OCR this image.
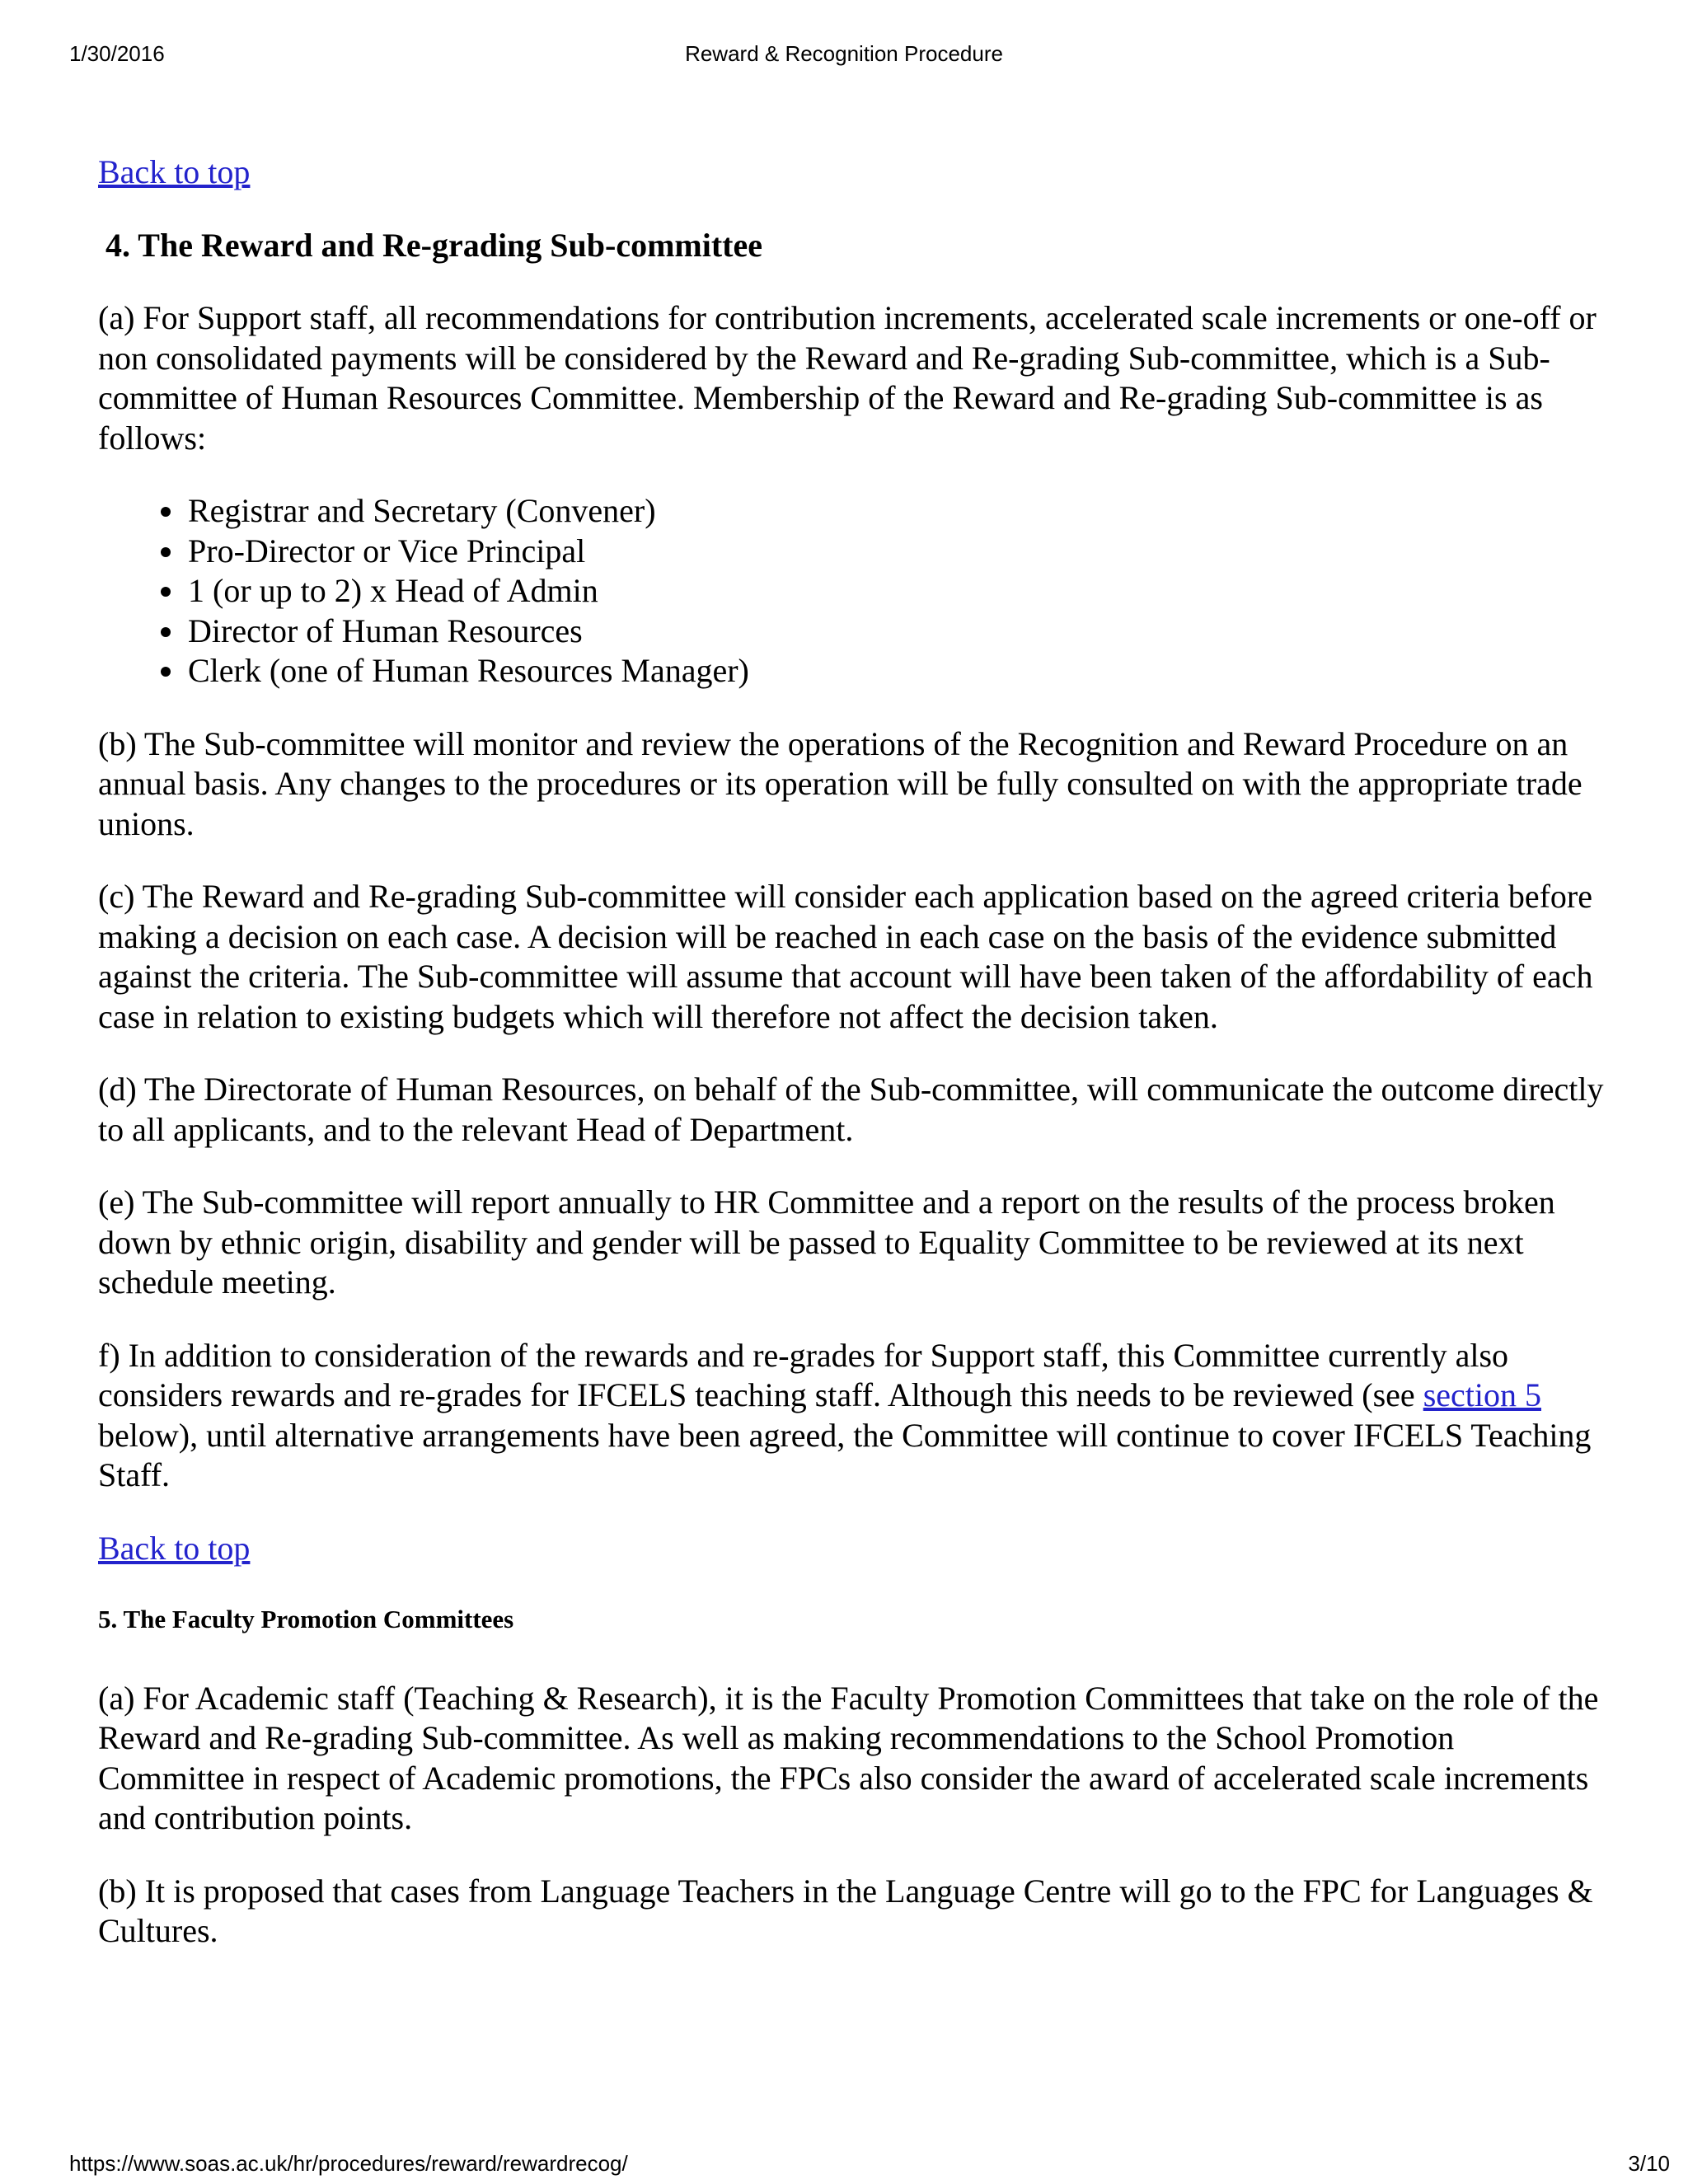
1/30/2016	Reward & Recognition Procedure
Back to top
4. The Reward and Re-grading Sub-committee

(a) For Support staff, all recommendations for contribution increments, accelerated scale increments or one-off or non consolidated payments will be considered by the Reward and Re-grading Sub-committee, which is a Sub-committee of Human Resources Committee. Membership of the Reward and Re-grading Sub-committee is as follows:

• Registrar and Secretary (Convener)
• Pro-Director or Vice Principal
• 1 (or up to 2) x Head of Admin
• Director of Human Resources
• Clerk (one of Human Resources Manager)

(b) The Sub-committee will monitor and review the operations of the Recognition and Reward Procedure on an annual basis. Any changes to the procedures or its operation will be fully consulted on with the appropriate trade unions.

(c) The Reward and Re-grading Sub-committee will consider each application based on the agreed criteria before making a decision on each case. A decision will be reached in each case on the basis of the evidence submitted against the criteria. The Sub-committee will assume that account will have been taken of the affordability of each case in relation to existing budgets which will therefore not affect the decision taken.

(d) The Directorate of Human Resources, on behalf of the Sub-committee, will communicate the outcome directly to all applicants, and to the relevant Head of Department.

(e) The Sub-committee will report annually to HR Committee and a report on the results of the process broken down by ethnic origin, disability and gender will be passed to Equality Committee to be reviewed at its next schedule meeting.

f) In addition to consideration of the rewards and re-grades for Support staff, this Committee currently also considers rewards and re-grades for IFCELS teaching staff. Although this needs to be reviewed (see section 5 below), until alternative arrangements have been agreed, the Committee will continue to cover IFCELS Teaching Staff.

Back to top
5. The Faculty Promotion Committees

(a) For Academic staff (Teaching & Research), it is the Faculty Promotion Committees that take on the role of the Reward and Re-grading Sub-committee. As well as making recommendations to the School Promotion Committee in respect of Academic promotions, the FPCs also consider the award of accelerated scale increments and contribution points.

(b) It is proposed that cases from Language Teachers in the Language Centre will go to the FPC for Languages & Cultures.

https://www.soas.ac.uk/hr/procedures/reward/rewardrecog/	3/10
